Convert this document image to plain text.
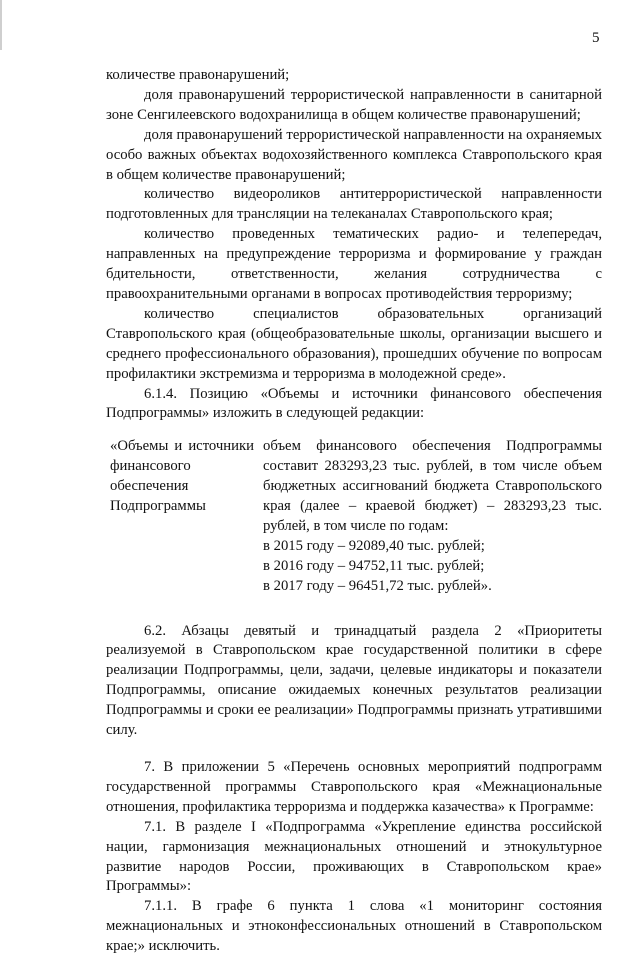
5

количестве правонарушений;

доля правонарушений террористической направленности в санитарной зоне Сенгилеевского водохранилища в общем количестве правонарушений;

доля правонарушений террористической направленности на охраняемых особо важных объектах водохозяйственного комплекса Ставропольского края в общем количестве правонарушений;

количество видеороликов антитеррористической направленности подготовленных для трансляции на телеканалах Ставропольского края;

количество проведенных тематических радио- и телепередач, направленных на предупреждение терроризма и формирование у граждан бдительности, ответственности, желания сотрудничества с правоохранительными органами в вопросах противодействия терроризму;

количество специалистов образовательных организаций Ставропольского края (общеобразовательные школы, организации высшего и среднего профессионального образования), прошедших обучение по вопросам профилактики экстремизма и терроризма в молодежной среде».

6.1.4. Позицию «Объемы и источники финансового обеспечения Подпрограммы» изложить в следующей редакции:

«Объемы и источники финансового обеспечения Подпрограммы
объем финансового обеспечения Подпрограммы составит 283293,23 тыс. рублей, в том числе объем бюджетных ассигнований бюджета Ставропольского края (далее – краевой бюджет) – 283293,23 тыс. рублей, в том числе по годам:
в 2015 году – 92089,40 тыс. рублей;
в 2016 году – 94752,11 тыс. рублей;
в 2017 году – 96451,72 тыс. рублей».

6.2. Абзацы девятый и тринадцатый раздела 2 «Приоритеты реализуемой в Ставропольском крае государственной политики в сфере реализации Подпрограммы, цели, задачи, целевые индикаторы и показатели Подпрограммы, описание ожидаемых конечных результатов реализации Подпрограммы и сроки ее реализации» Подпрограммы признать утратившими силу.

7. В приложении 5 «Перечень основных мероприятий подпрограмм государственной программы Ставропольского края «Межнациональные отношения, профилактика терроризма и поддержка казачества» к Программе:

7.1. В разделе I «Подпрограмма «Укрепление единства российской нации, гармонизация межнациональных отношений и этнокультурное развитие народов России, проживающих в Ставропольском крае» Программы»:

7.1.1. В графе 6 пункта 1 слова «1 мониторинг состояния межнациональных и этноконфессиональных отношений в Ставропольском крае;» исключить.
